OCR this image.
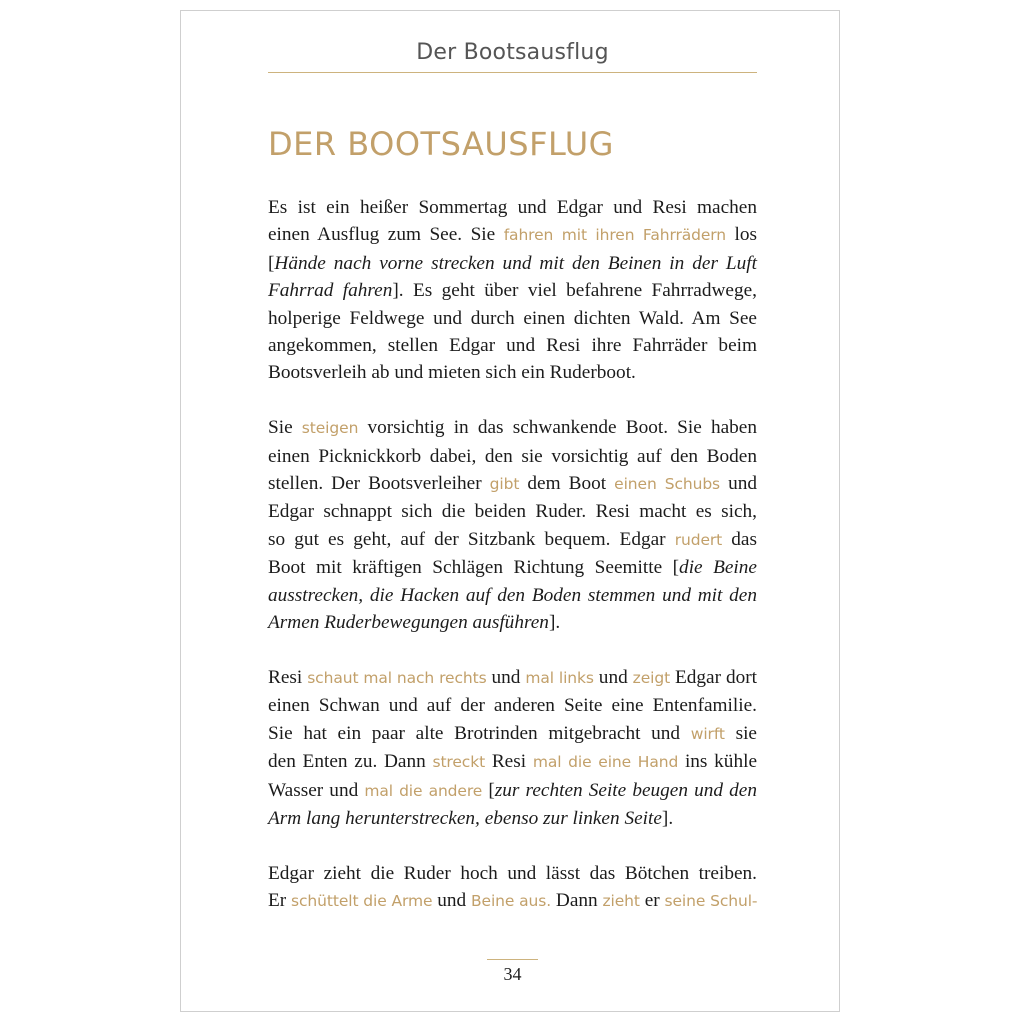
Der Bootsausflug
DER BOOTSAUSFLUG
Es ist ein heißer Sommertag und Edgar und Resi machen
einen Ausflug zum See. Sie fahren mit ihren Fahrrädern los
[Hände nach vorne strecken und mit den Beinen in der Luft
Fahrrad fahren]. Es geht über viel befahrene Fahrradwege,
holperige Feldwege und durch einen dichten Wald. Am See
angekommen, stellen Edgar und Resi ihre Fahrräder beim
Bootsverleih ab und mieten sich ein Ruderboot.
Sie steigen vorsichtig in das schwankende Boot. Sie haben
einen Picknickkorb dabei, den sie vorsichtig auf den Boden
stellen. Der Bootsverleiher gibt dem Boot einen Schubs und
Edgar schnappt sich die beiden Ruder. Resi macht es sich,
so gut es geht, auf der Sitzbank bequem. Edgar rudert das
Boot mit kräftigen Schlägen Richtung Seemitte [die Beine
ausstrecken, die Hacken auf den Boden stemmen und mit den
Armen Ruderbewegungen ausführen].
Resi schaut mal nach rechts und mal links und zeigt Edgar dort
einen Schwan und auf der anderen Seite eine Entenfamilie.
Sie hat ein paar alte Brotrinden mitgebracht und wirft sie
den Enten zu. Dann streckt Resi mal die eine Hand ins kühle
Wasser und mal die andere [zur rechten Seite beugen und den
Arm lang herunterstrecken, ebenso zur linken Seite].
Edgar zieht die Ruder hoch und lässt das Bötchen treiben.
Er schüttelt die Arme und Beine aus. Dann zieht er seine Schul-
34
